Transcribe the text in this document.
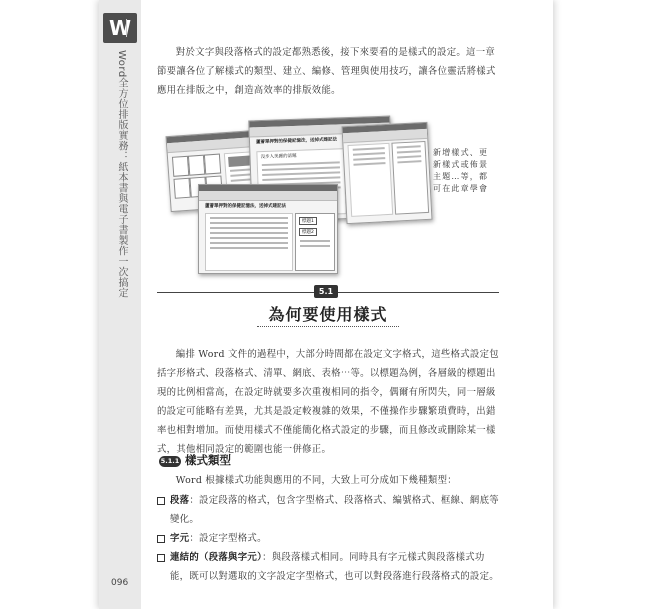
W
Word全方位排版實務：紙本書與電子書製作一次搞定
096

對於文字與段落格式的設定都熟悉後，接下來要看的是樣式的設定。這一章節要讓各位了解樣式的類型、建立、編修、管理與使用技巧，讓各位靈活將樣式應用在排版之中，創造高效率的排版效能。

蘆薈單押對的保健記憶法，送掉式建記法
沒步入美麗的話題
蘆薈單押對的保健記憶法，送掉式建記法
標題1
標題2
新增樣式、更新樣式或佈景主題…等，都可在此章學會
5.1
為何要使用樣式

編排 Word 文件的過程中，大部分時間都在設定文字格式，這些格式設定包括字形格式、段落格式、清單、網底、表格⋯等。以標題為例，各層級的標題出現的比例相當高，在設定時就要多次重複相同的指令，偶爾有所閃失，同一層級的設定可能略有差異，尤其是設定較複雜的效果，不僅操作步驟繁瑣費時，出錯率也相對增加。而使用樣式不僅能簡化格式設定的步驟，而且修改或刪除某一樣式，其他相同設定的範圍也能一併修正。

5.1.1 樣式類型

Word 根據樣式功能與應用的不同，大致上可分成如下幾種類型：

段落：設定段落的格式，包含字型格式、段落格式、編號格式、框線、網底等變化。
字元：設定字型格式。
連結的（段落與字元）：與段落樣式相同。同時具有字元樣式與段落樣式功能，既可以對選取的文字設定字型格式，也可以對段落進行段落格式的設定。
